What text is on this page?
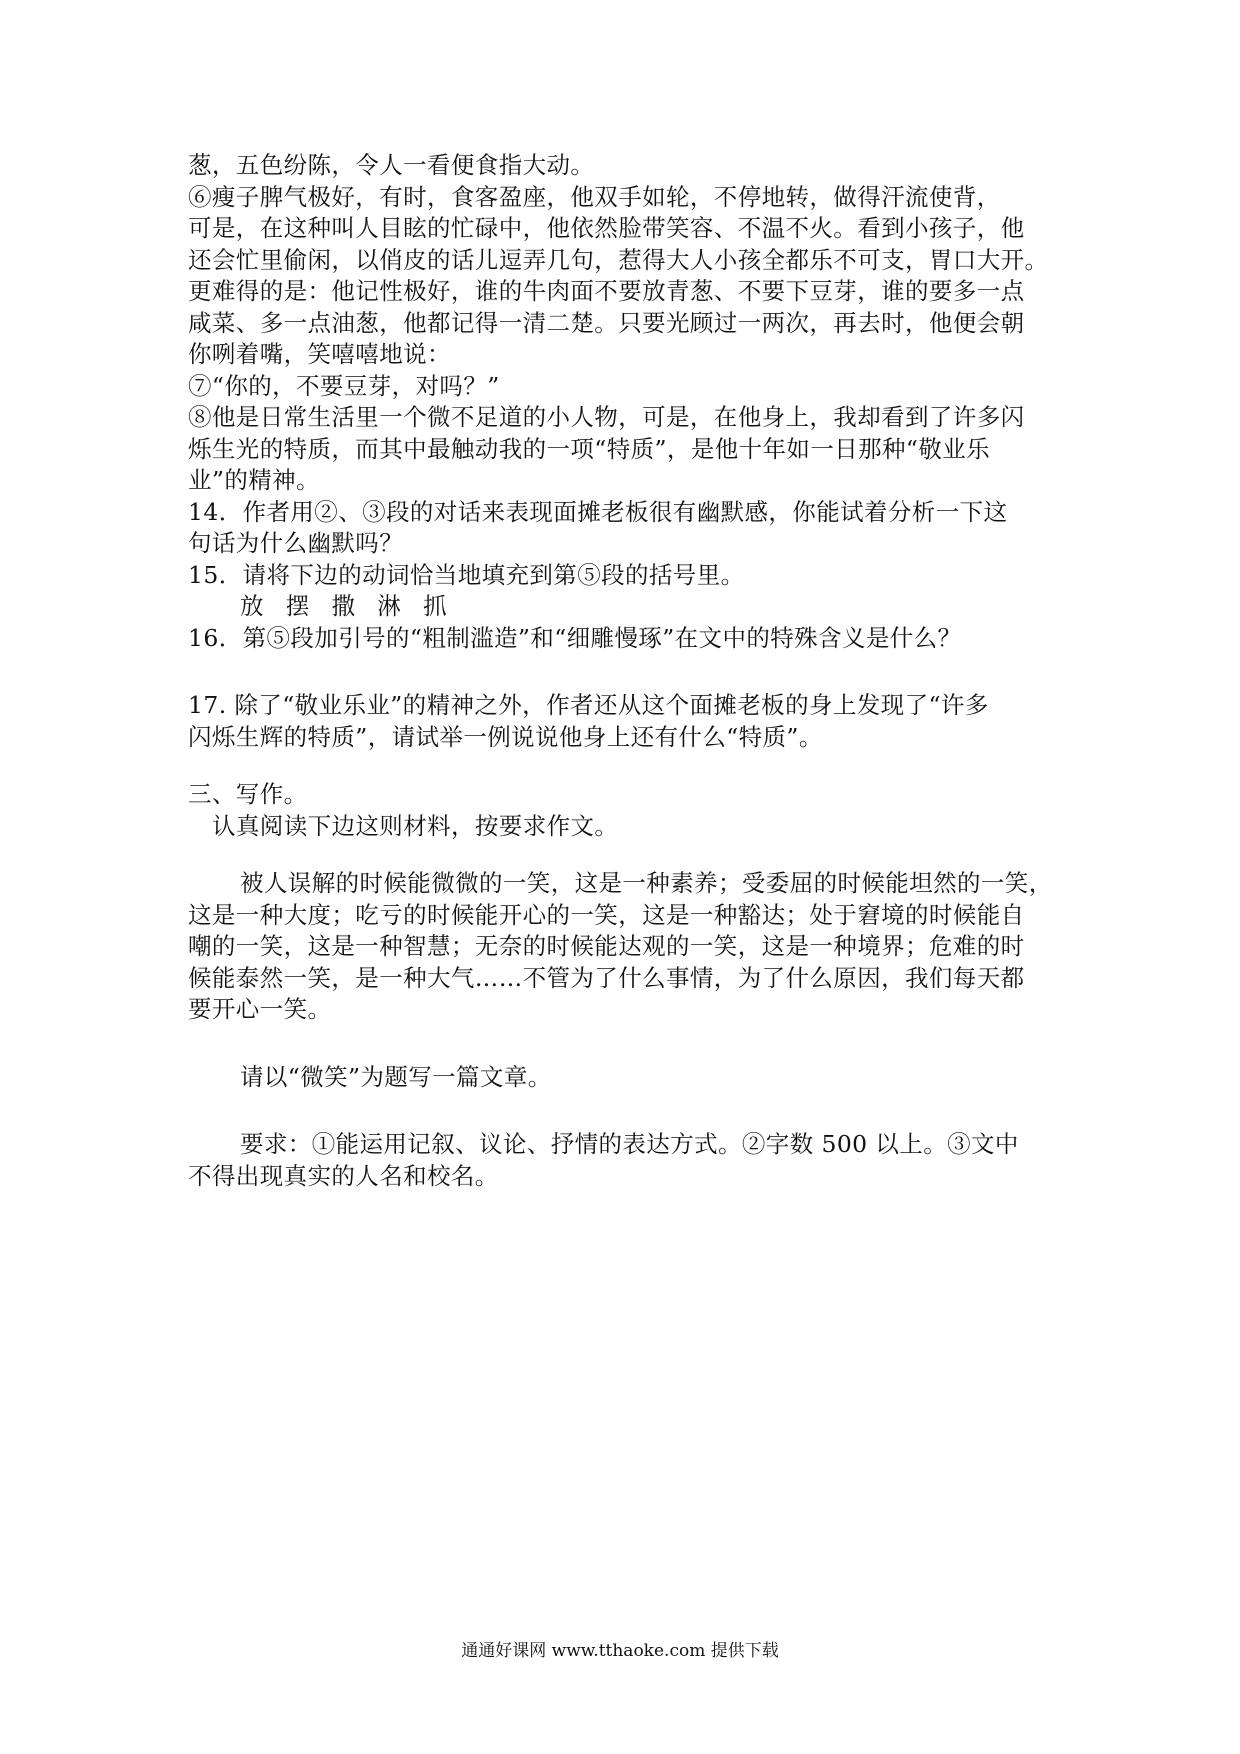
葱，五色纷陈，令人一看便食指大动。

⑥瘦子脾气极好，有时，食客盈座，他双手如轮，不停地转，做得汗流使背，

可是，在这种叫人目眩的忙碌中，他依然脸带笑容、不温不火。看到小孩子，他

还会忙里偷闲，以俏皮的话儿逗弄几句，惹得大人小孩全都乐不可支，胃口大开。

更难得的是：他记性极好，谁的牛肉面不要放青葱、不要下豆芽，谁的要多一点

咸菜、多一点油葱，他都记得一清二楚。只要光顾过一两次，再去时，他便会朝

你咧着嘴，笑嘻嘻地说：

⑦“你的，不要豆芽，对吗？”

⑧他是日常生活里一个微不足道的小人物，可是，在他身上，我却看到了许多闪

烁生光的特质，而其中最触动我的一项“特质”，是他十年如一日那种“敬业乐

业”的精神。

14．作者用②、③段的对话来表现面摊老板很有幽默感，你能试着分析一下这

句话为什么幽默吗？

15．请将下边的动词恰当地填充到第⑤段的括号里。

放 摆 撒 淋 抓

16．第⑤段加引号的“粗制滥造”和“细雕慢琢”在文中的特殊含义是什么？

17. 除了“敬业乐业”的精神之外，作者还从这个面摊老板的身上发现了“许多

闪烁生辉的特质”，请试举一例说说他身上还有什么“特质”。

三、写作。

认真阅读下边这则材料，按要求作文。

被人误解的时候能微微的一笑，这是一种素养；受委屈的时候能坦然的一笑，

这是一种大度；吃亏的时候能开心的一笑，这是一种豁达；处于窘境的时候能自

嘲的一笑，这是一种智慧；无奈的时候能达观的一笑，这是一种境界；危难的时

候能泰然一笑，是一种大气……不管为了什么事情，为了什么原因，我们每天都

要开心一笑。

请以“微笑”为题写一篇文章。

要求：①能运用记叙、议论、抒情的表达方式。②字数 500 以上。③文中

不得出现真实的人名和校名。

通通好课网 www.tthaoke.com 提供下载
